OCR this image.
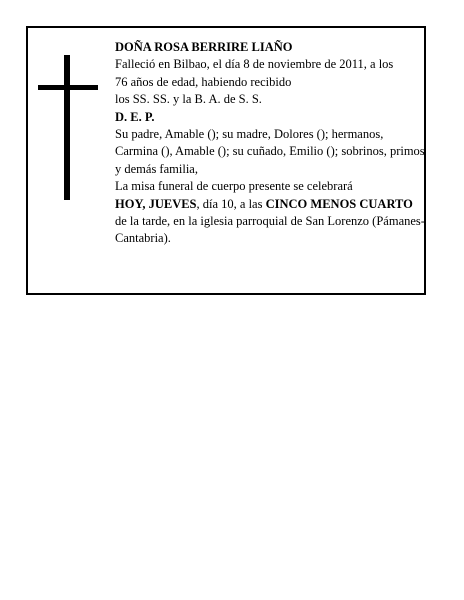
DOÑA ROSA BERRIRE LIAÑO

Falleció en Bilbao, el día 8 de noviembre de 2011, a los

76 años de edad, habiendo recibido

los SS. SS. y la B. A. de S. S.

D. E. P.

Su padre, Amable (); su madre, Dolores (); hermanos, Carmina (), Amable (); su cuñado, Emilio (); sobrinos, primos y demás familia,

La misa funeral de cuerpo presente se celebrará

HOY, JUEVES, día 10, a las CINCO MENOS CUARTO de la tarde, en la iglesia parroquial de San Lorenzo (Pámanes-Cantabria).
